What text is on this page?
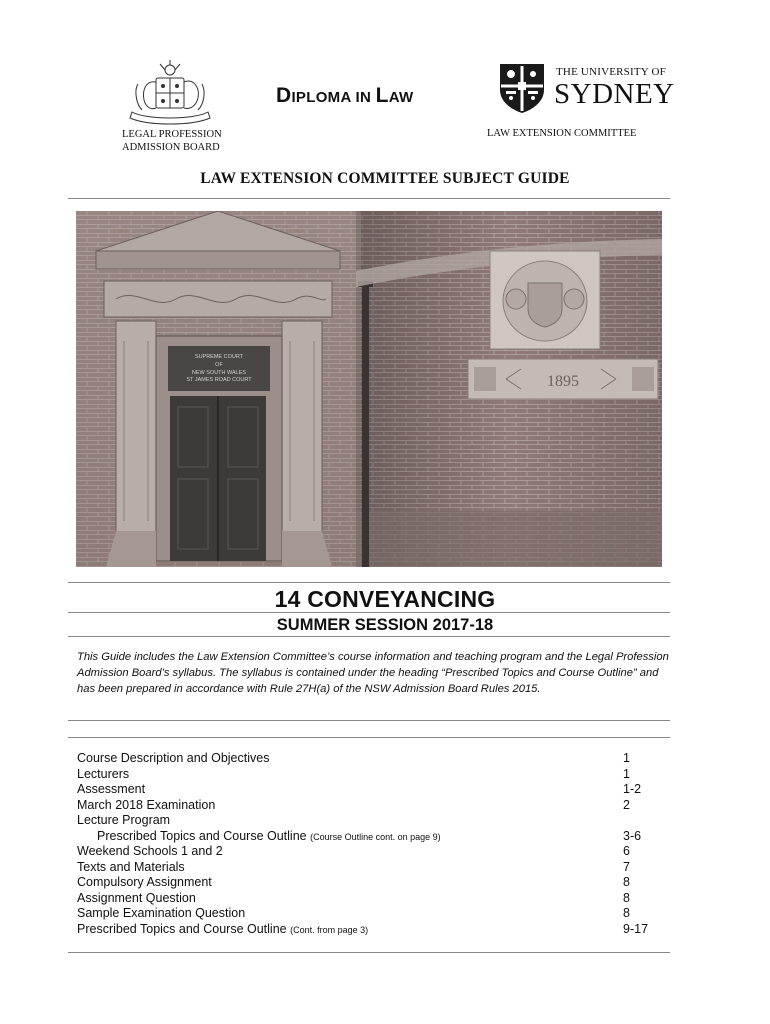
DIPLOMA IN LAW
LEGAL PROFESSION
ADMISSION BOARD
THE UNIVERSITY OF
SYDNEY
LAW EXTENSION COMMITTEE
LAW EXTENSION COMMITTEE SUBJECT GUIDE
1895
SUPREME COURT
OF
NEW SOUTH WALES
ST JAMES ROAD COURT
14 CONVEYANCING
SUMMER SESSION 2017-18
This Guide includes the Law Extension Committee’s course information and teaching program and the Legal Profession Admission Board’s syllabus. The syllabus is contained under the heading “Prescribed Topics and Course Outline” and has been prepared in accordance with Rule 27H(a) of the NSW Admission Board Rules 2015.
Course Description and Objectives	1
Lecturers	1
Assessment	1-2
March 2018 Examination	2
Lecture Program
Prescribed Topics and Course Outline (Course Outline cont. on page 9)	3-6
Weekend Schools 1 and 2	6
Texts and Materials	7
Compulsory Assignment	8
Assignment Question	8
Sample Examination Question	8
Prescribed Topics and Course Outline (Cont. from page 3)	9-17
